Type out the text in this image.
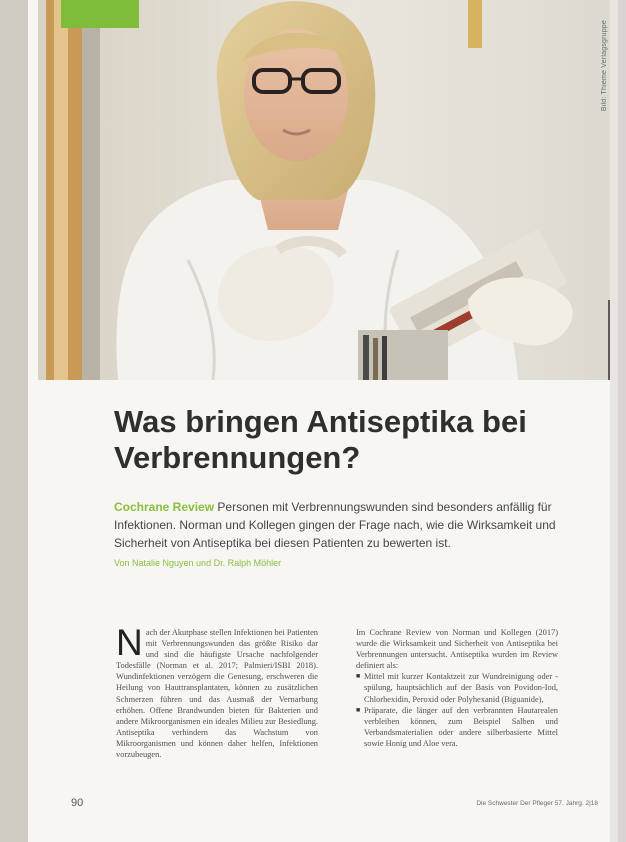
Bild: Thieme Verlagsgruppe
Was bringen Antiseptika bei Verbrennungen?

Cochrane Review Personen mit Verbrennungswunden sind besonders anfällig für Infektionen. Norman und Kollegen gingen der Frage nach, wie die Wirksamkeit und Sicherheit von Antiseptika bei diesen Patienten zu bewerten ist.

Von Natalie Nguyen und Dr. Ralph Möhler

N ach der Akutphase stellen Infektionen bei Patienten mit Verbrennungswunden das größte Risiko dar und sind die häufigste Ursache nachfolgender Todesfälle (Norman et al. 2017; Palmieri/ISBI 2018). Wundinfektionen verzögern die Genesung, erschweren die Heilung von Hauttransplantaten, können zu zusätzlichen Schmerzen führen und das Ausmaß der Vernarbung erhöhen. Offene Brandwunden bieten für Bakterien und andere Mikroorganismen ein ideales Milieu zur Besiedlung. Antiseptika verhindern das Wachstum von Mikroorganismen und können daher helfen, Infektionen vorzubeugen.

Im Cochrane Review von Norman und Kollegen (2017) wurde die Wirksamkeit und Sicherheit von Antiseptika bei Verbrennungen untersucht. Antiseptika wurden im Review definiert als:

■ Mittel mit kurzer Kontaktzeit zur Wundreinigung oder -spülung, hauptsächlich auf der Basis von Povidon-Iod, Chlorhexidin, Peroxid oder Polyhexanid (Biguanide),
■ Präparate, die länger auf den verbrannten Hautarealen verbleiben können, zum Beispiel Salben und Verbandsmaterialien oder andere silberbasierte Mittel sowie Honig und Aloe vera.

90	Die Schwester Der Pfleger 57. Jahrg. 2|18
